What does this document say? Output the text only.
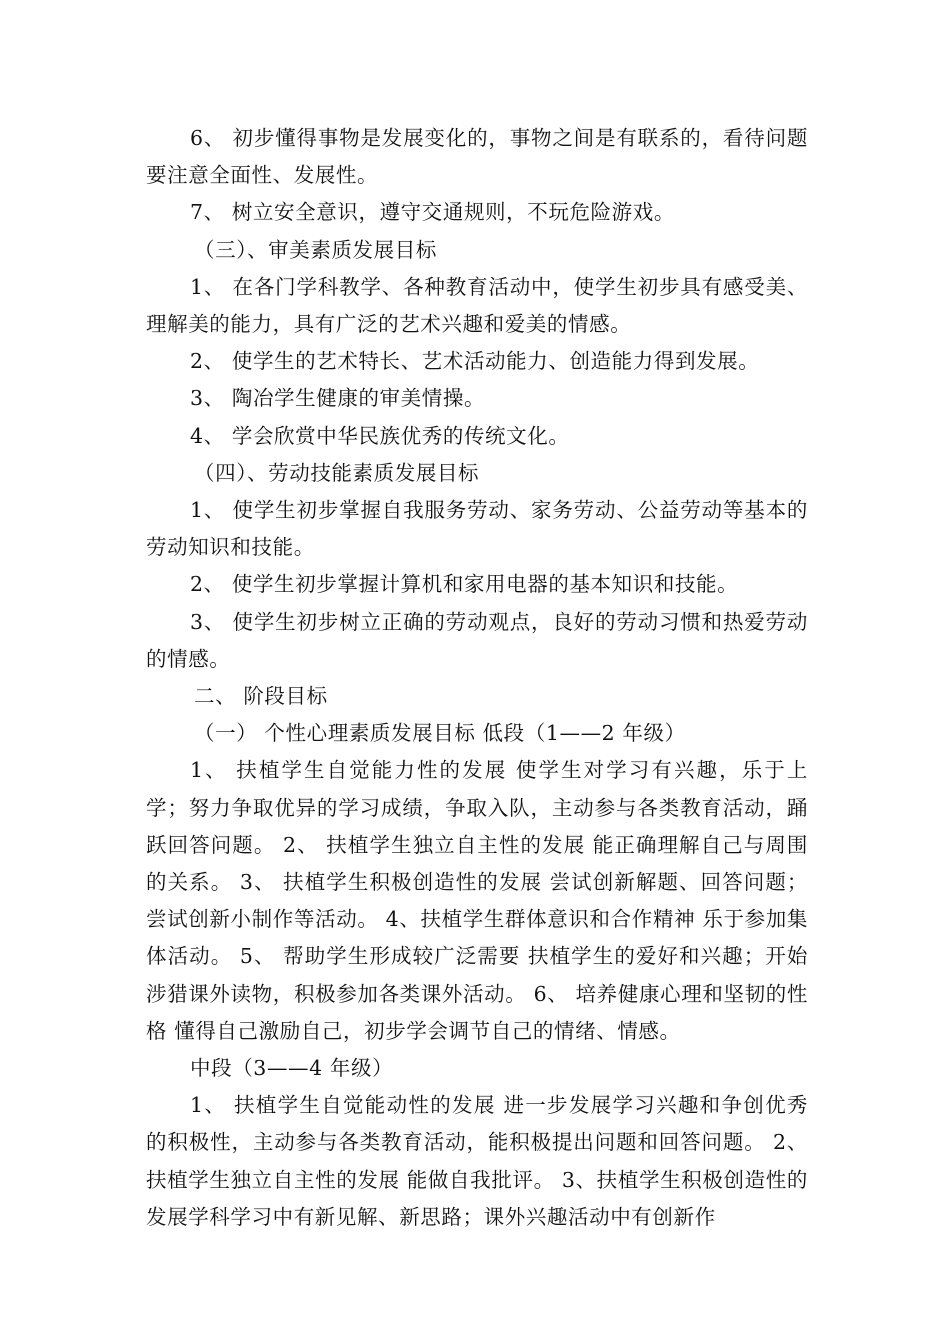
6、 初步懂得事物是发展变化的，事物之间是有联系的，看待问题要注意全面性、发展性。

7、 树立安全意识，遵守交通规则，不玩危险游戏。

（三）、审美素质发展目标

1、 在各门学科教学、各种教育活动中，使学生初步具有感受美、理解美的能力，具有广泛的艺术兴趣和爱美的情感。

2、 使学生的艺术特长、艺术活动能力、创造能力得到发展。

3、 陶冶学生健康的审美情操。

4、 学会欣赏中华民族优秀的传统文化。

（四）、劳动技能素质发展目标

1、 使学生初步掌握自我服务劳动、家务劳动、公益劳动等基本的劳动知识和技能。

2、 使学生初步掌握计算机和家用电器的基本知识和技能。

3、 使学生初步树立正确的劳动观点，良好的劳动习惯和热爱劳动的情感。

二、 阶段目标

（一） 个性心理素质发展目标 低段（1——2 年级）

1、 扶植学生自觉能力性的发展 使学生对学习有兴趣，乐于上学；努力争取优异的学习成绩，争取入队，主动参与各类教育活动，踊跃回答问题。 2、 扶植学生独立自主性的发展 能正确理解自己与周围的关系。 3、 扶植学生积极创造性的发展 尝试创新解题、回答问题；尝试创新小制作等活动。 4、扶植学生群体意识和合作精神 乐于参加集体活动。 5、 帮助学生形成较广泛需要 扶植学生的爱好和兴趣；开始涉猎课外读物，积极参加各类课外活动。 6、 培养健康心理和坚韧的性格 懂得自己激励自己，初步学会调节自己的情绪、情感。

中段（3——4 年级）

1、 扶植学生自觉能动性的发展 进一步发展学习兴趣和争创优秀的积极性，主动参与各类教育活动，能积极提出问题和回答问题。 2、 扶植学生独立自主性的发展 能做自我批评。 3、扶植学生积极创造性的发展学科学习中有新见解、新思路；课外兴趣活动中有创新作
